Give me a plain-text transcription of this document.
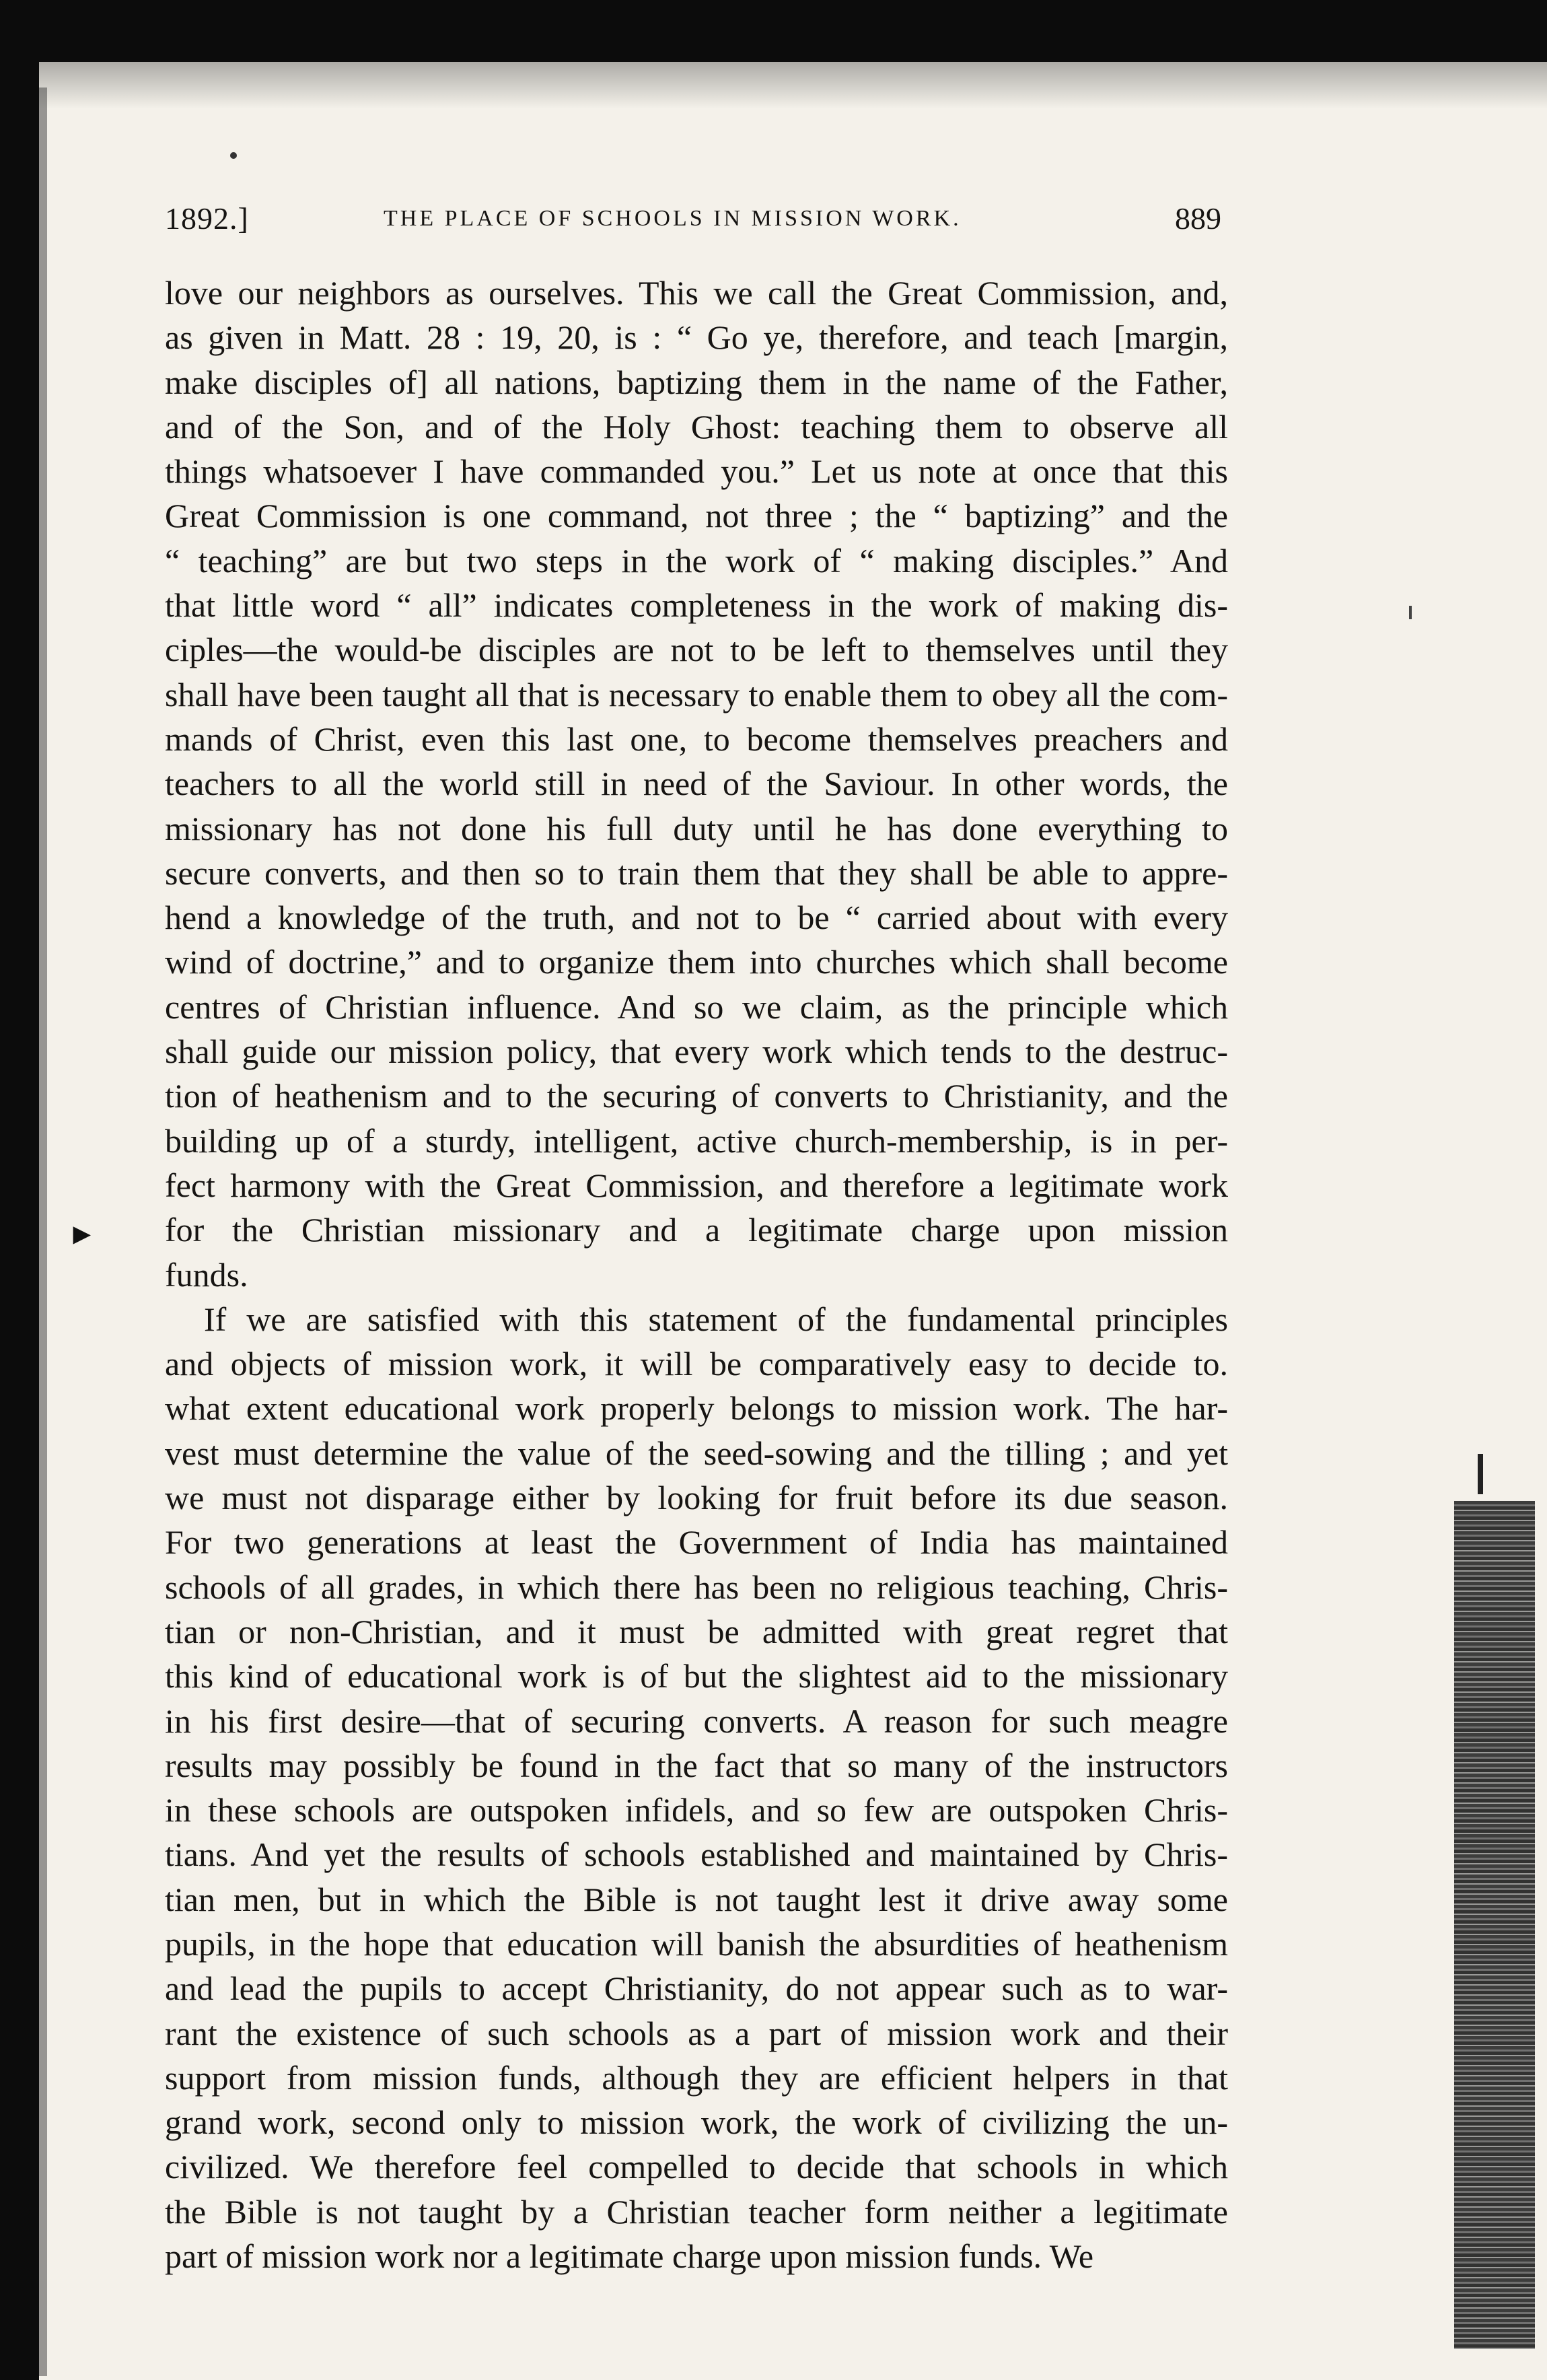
►
1892.]	THE PLACE OF SCHOOLS IN MISSION WORK.	889
love our neighbors as ourselves. This we call the Great Commission, and,
as given in Matt. 28 : 19, 20, is : “ Go ye, therefore, and teach [margin,
make disciples of] all nations, baptizing them in the name of the Father,
and of the Son, and of the Holy Ghost: teaching them to observe all
things whatsoever I have commanded you.” Let us note at once that this
Great Commission is one command, not three ; the “ baptizing” and the
“ teaching” are but two steps in the work of “ making disciples.” And
that little word “ all” indicates completeness in the work of making dis-
ciples—the would-be disciples are not to be left to themselves until they
shall have been taught all that is necessary to enable them to obey all the com-
mands of Christ, even this last one, to become themselves preachers and
teachers to all the world still in need of the Saviour. In other words, the
missionary has not done his full duty until he has done everything to
secure converts, and then so to train them that they shall be able to appre-
hend a knowledge of the truth, and not to be “ carried about with every
wind of doctrine,” and to organize them into churches which shall become
centres of Christian influence. And so we claim, as the principle which
shall guide our mission policy, that every work which tends to the destruc-
tion of heathenism and to the securing of converts to Christianity, and the
building up of a sturdy, intelligent, active church-membership, is in per-
fect harmony with the Great Commission, and therefore a legitimate work
for the Christian missionary and a legitimate charge upon mission
funds.
If we are satisfied with this statement of the fundamental principles
and objects of mission work, it will be comparatively easy to decide to.
what extent educational work properly belongs to mission work. The har-
vest must determine the value of the seed-sowing and the tilling ; and yet
we must not disparage either by looking for fruit before its due season.
For two generations at least the Government of India has maintained
schools of all grades, in which there has been no religious teaching, Chris-
tian or non-Christian, and it must be admitted with great regret that
this kind of educational work is of but the slightest aid to the missionary
in his first desire—that of securing converts. A reason for such meagre
results may possibly be found in the fact that so many of the instructors
in these schools are outspoken infidels, and so few are outspoken Chris-
tians. And yet the results of schools established and maintained by Chris-
tian men, but in which the Bible is not taught lest it drive away some
pupils, in the hope that education will banish the absurdities of heathenism
and lead the pupils to accept Christianity, do not appear such as to war-
rant the existence of such schools as a part of mission work and their
support from mission funds, although they are efficient helpers in that
grand work, second only to mission work, the work of civilizing the un-
civilized. We therefore feel compelled to decide that schools in which
the Bible is not taught by a Christian teacher form neither a legitimate
part of mission work nor a legitimate charge upon mission funds. We
